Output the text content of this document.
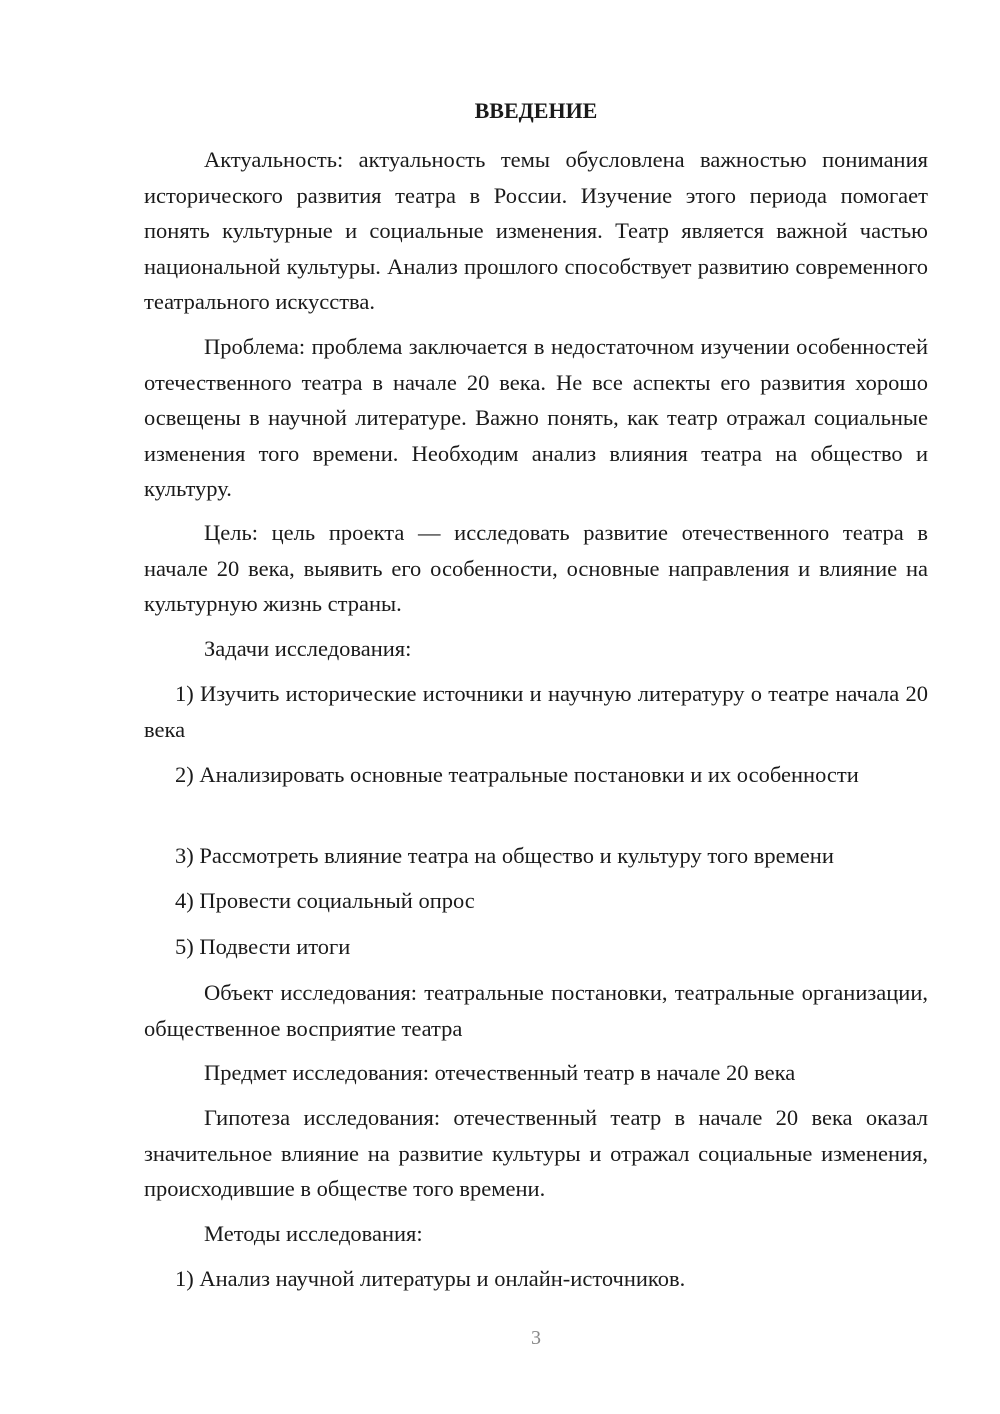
ВВЕДЕНИЕ

Актуальность: актуальность темы обусловлена важностью понимания исторического развития театра в России. Изучение этого периода помогает понять культурные и социальные изменения. Театр является важной частью национальной культуры. Анализ прошлого способствует развитию современного театрального искусства.

Проблема: проблема заключается в недостаточном изучении особенностей отечественного театра в начале 20 века. Не все аспекты его развития хорошо освещены в научной литературе. Важно понять, как театр отражал социальные изменения того времени. Необходим анализ влияния театра на общество и культуру.

Цель: цель проекта — исследовать развитие отечественного театра в начале 20 века, выявить его особенности, основные направления и влияние на культурную жизнь страны.

Задачи исследования:

1) Изучить исторические источники и научную литературу о театре начала 20 века

2) Анализировать основные театральные постановки и их особенности

3) Рассмотреть влияние театра на общество и культуру того времени

4) Провести социальный опрос

5) Подвести итоги

Объект исследования: театральные постановки, театральные организации, общественное восприятие театра

Предмет исследования: отечественный театр в начале 20 века

Гипотеза исследования: отечественный театр в начале 20 века оказал значительное влияние на развитие культуры и отражал социальные изменения, происходившие в обществе того времени.

Методы исследования:

1) Анализ научной литературы и онлайн-источников.

3
